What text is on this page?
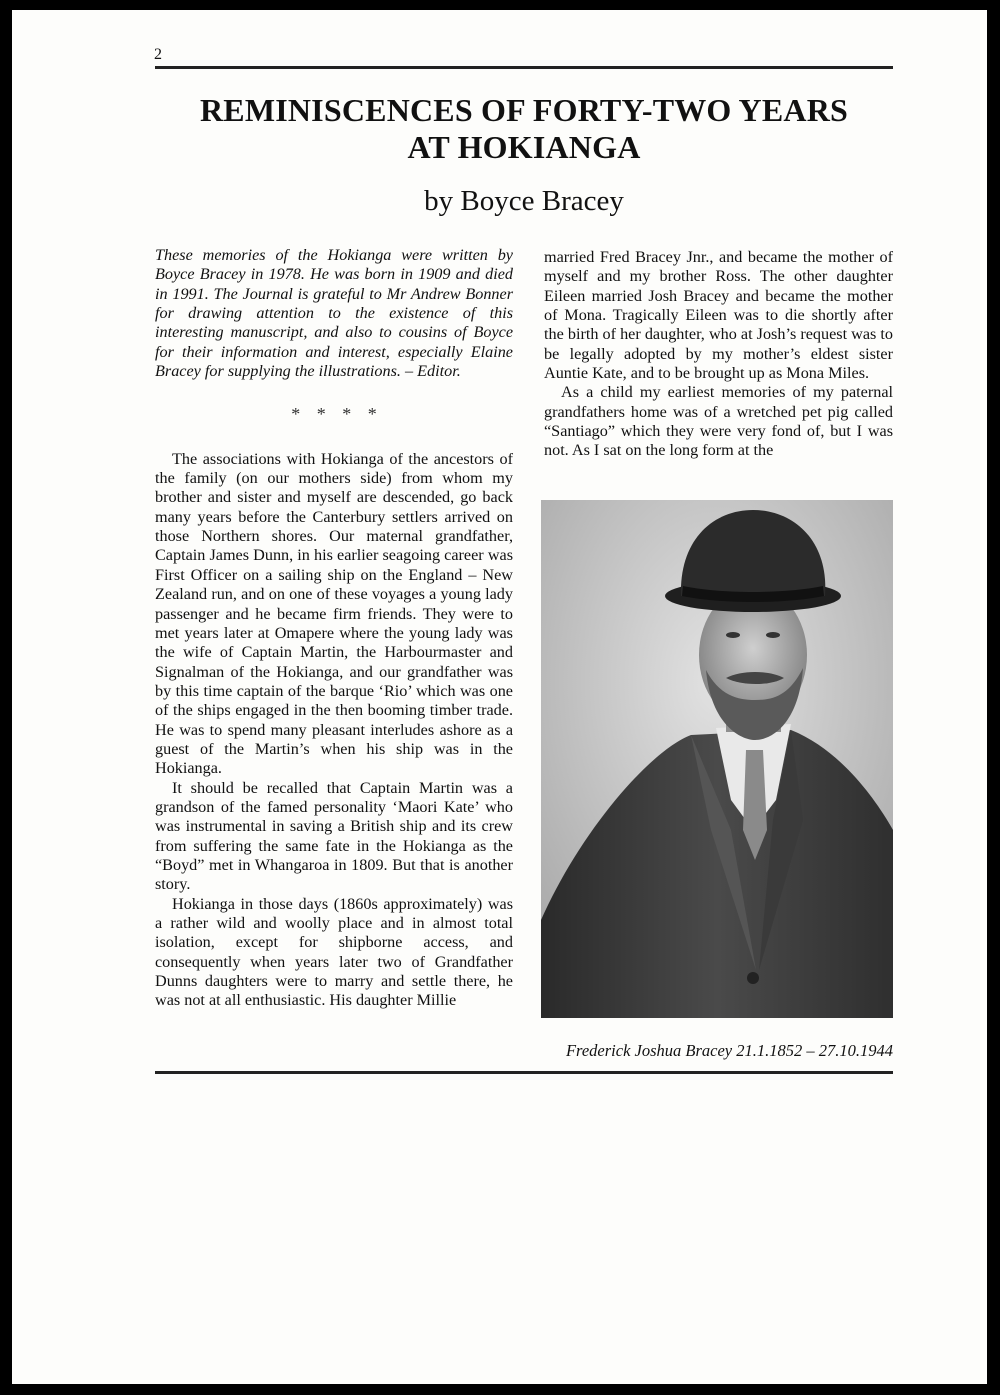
2
REMINISCENCES OF FORTY-TWO YEARS
AT HOKIANGA
by Boyce Bracey

These memories of the Hokianga were written by Boyce Bracey in 1978. He was born in 1909 and died in 1991. The Journal is grateful to Mr Andrew Bonner for drawing attention to the existence of this interesting manuscript, and also to cousins of Boyce for their information and interest, especially Elaine Bracey for supplying the illustrations. – Editor.

* * * *

The associations with Hokianga of the ancestors of the family (on our mothers side) from whom my brother and sister and myself are descended, go back many years before the Canterbury settlers arrived on those Northern shores. Our maternal grandfather, Captain James Dunn, in his earlier seagoing career was First Officer on a sailing ship on the England – New Zealand run, and on one of these voyages a young lady passenger and he became firm friends. They were to met years later at Omapere where the young lady was the wife of Captain Martin, the Harbourmaster and Signalman of the Hokianga, and our grandfather was by this time captain of the barque ‘Rio’ which was one of the ships engaged in the then booming timber trade. He was to spend many pleasant interludes ashore as a guest of the Martin’s when his ship was in the Hokianga.

It should be recalled that Captain Martin was a grandson of the famed personality ‘Maori Kate’ who was instrumental in saving a British ship and its crew from suffering the same fate in the Hokianga as the “Boyd” met in Whangaroa in 1809. But that is another story.

Hokianga in those days (1860s approximately) was a rather wild and woolly place and in almost total isolation, except for shipborne access, and consequently when years later two of Grandfather Dunns daughters were to marry and settle there, he was not at all enthusiastic. His daughter Millie

married Fred Bracey Jnr., and became the mother of myself and my brother Ross. The other daughter Eileen married Josh Bracey and became the mother of Mona. Tragically Eileen was to die shortly after the birth of her daughter, who at Josh’s request was to be legally adopted by my mother’s eldest sister Auntie Kate, and to be brought up as Mona Miles.

As a child my earliest memories of my paternal grandfathers home was of a wretched pet pig called “Santiago” which they were very fond of, but I was not. As I sat on the long form at the

Frederick Joshua Bracey 21.1.1852 – 27.10.1944
